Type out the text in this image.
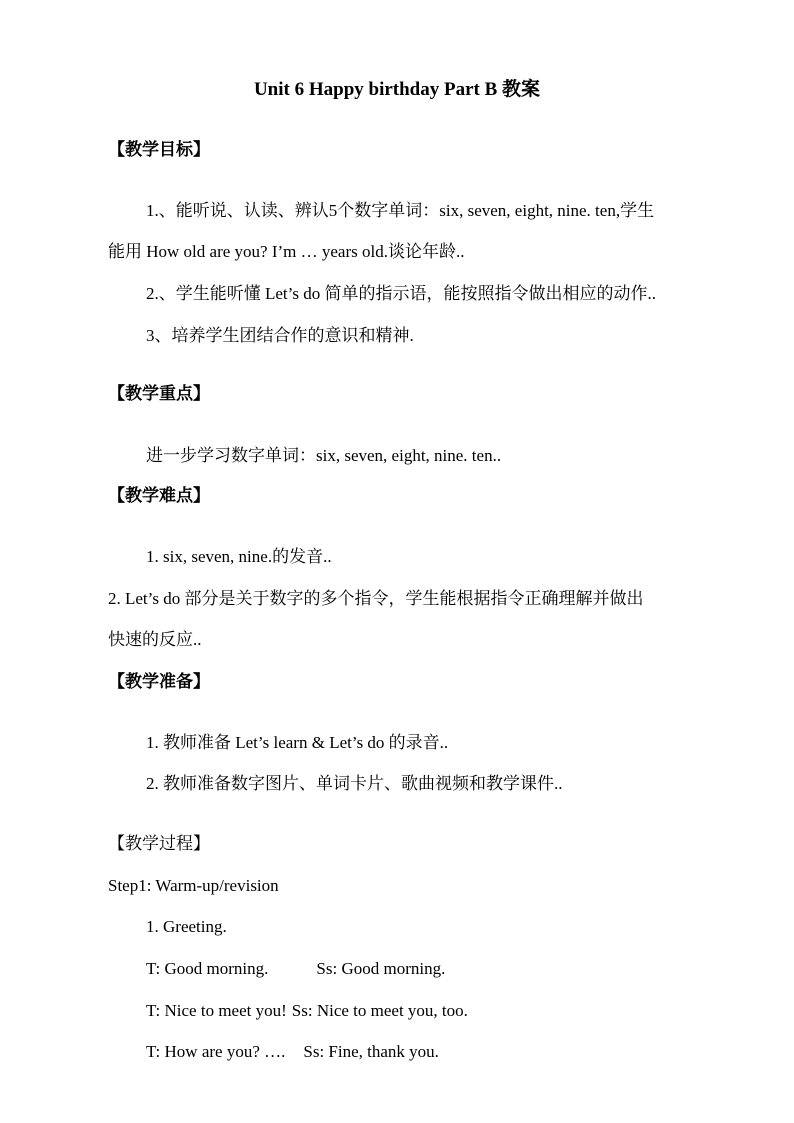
Unit 6 Happy birthday Part B 教案
【教学目标】
1.、能听说、认读、辨认5个数字单词：six, seven, eight, nine. ten,学生
能用 How old are you? I’m … years old.谈论年龄..
2.、学生能听懂 Let’s do 简单的指示语，能按照指令做出相应的动作..
3、培养学生团结合作的意识和精神.
【教学重点】
进一步学习数字单词：six, seven, eight, nine. ten..
【教学难点】
1. six, seven, nine.的发音..
2. Let’s do 部分是关于数字的多个指令，学生能根据指令正确理解并做出
快速的反应..
【教学准备】
1. 教师准备 Let’s learn & Let’s do 的录音..
2. 教师准备数字图片、单词卡片、歌曲视频和教学课件..
【教学过程】
Step1: Warm-up/revision
1. Greeting.
T: Good morning.	Ss: Good morning.
T: Nice to meet you! Ss: Nice to meet you, too.
T: How are you? …. Ss: Fine, thank you.
